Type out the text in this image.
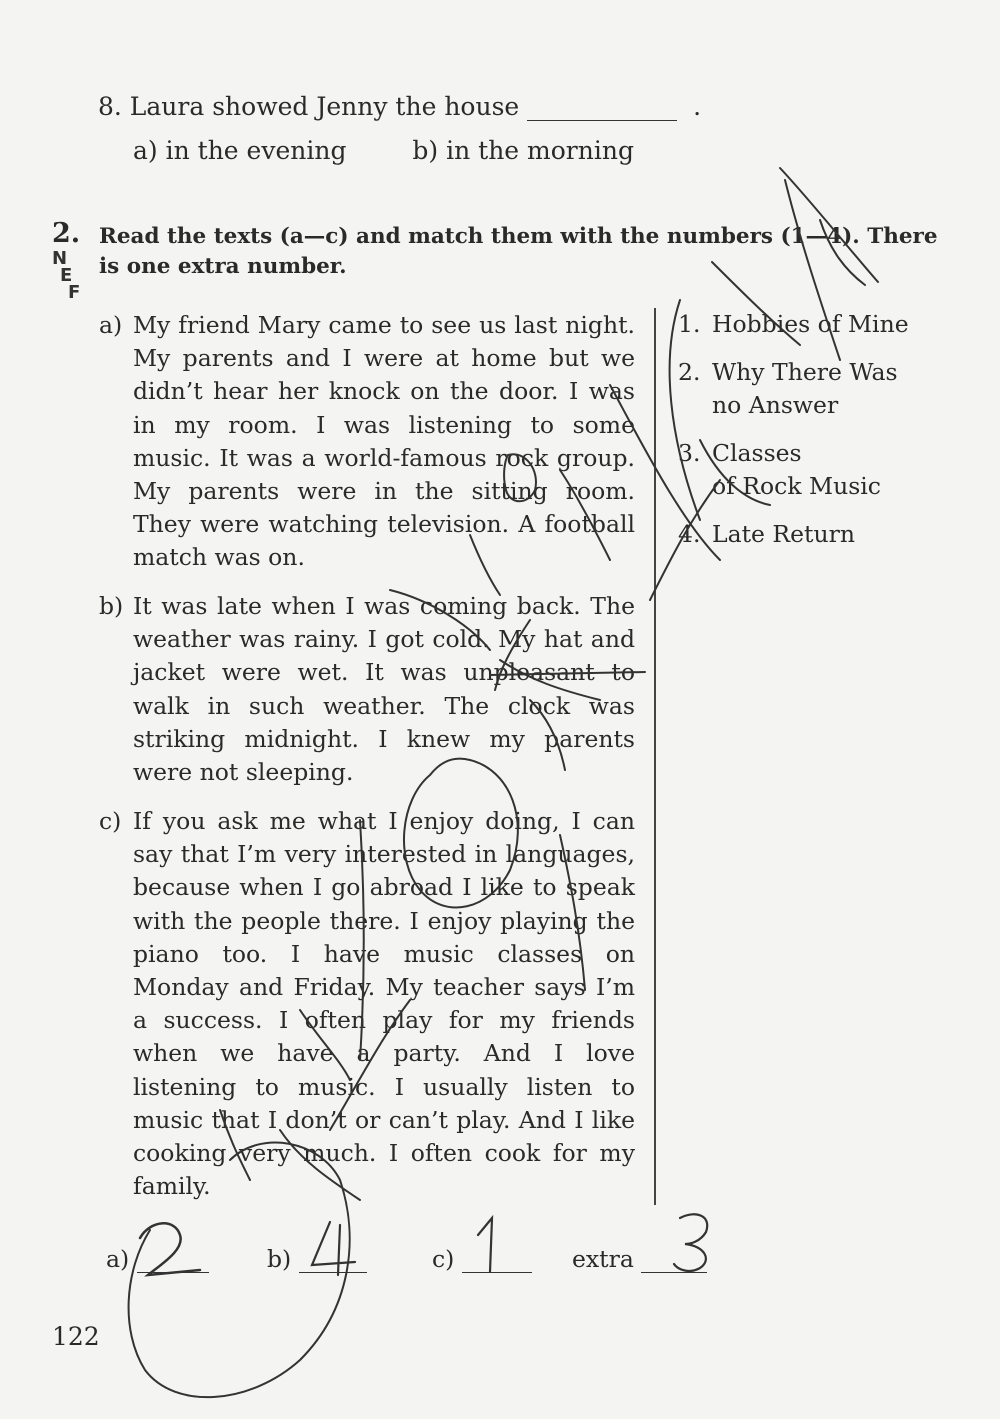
8. Laura showed Jenny the house	.
a) in the evening	b) in the morning
2. Read the texts (a—c) and match them with the numbers (1—4). There is one extra number.
N
E
F
a) My friend Mary came to see us last night. My parents and I were at home but we didn’t hear her knock on the door. I was in my room. I was listening to some music. It was a world-famous rock group. My parents were in the sitting room. They were watching television. A football match was on.
b) It was late when I was coming back. The weather was rainy. I got cold. My hat and jacket were wet. It was unpleasant to walk in such weather. The clock was striking midnight. I knew my parents were not sleeping.
c) If you ask me what I enjoy doing, I can say that I’m very interested in languages, because when I go abroad I like to speak with the people there. I enjoy playing the piano too. I have music classes on Monday and Friday. My teacher says I’m a success. I often play for my friends when we have a party. And I love listening to music. I usually listen to music that I don’t or can’t play. And I like cooking very much. I often cook for my family.
1. Hobbies of Mine
2. Why There Was
no Answer
3. Classes
of Rock Music
4. Late Return
a)	b)	c)	extra
122
